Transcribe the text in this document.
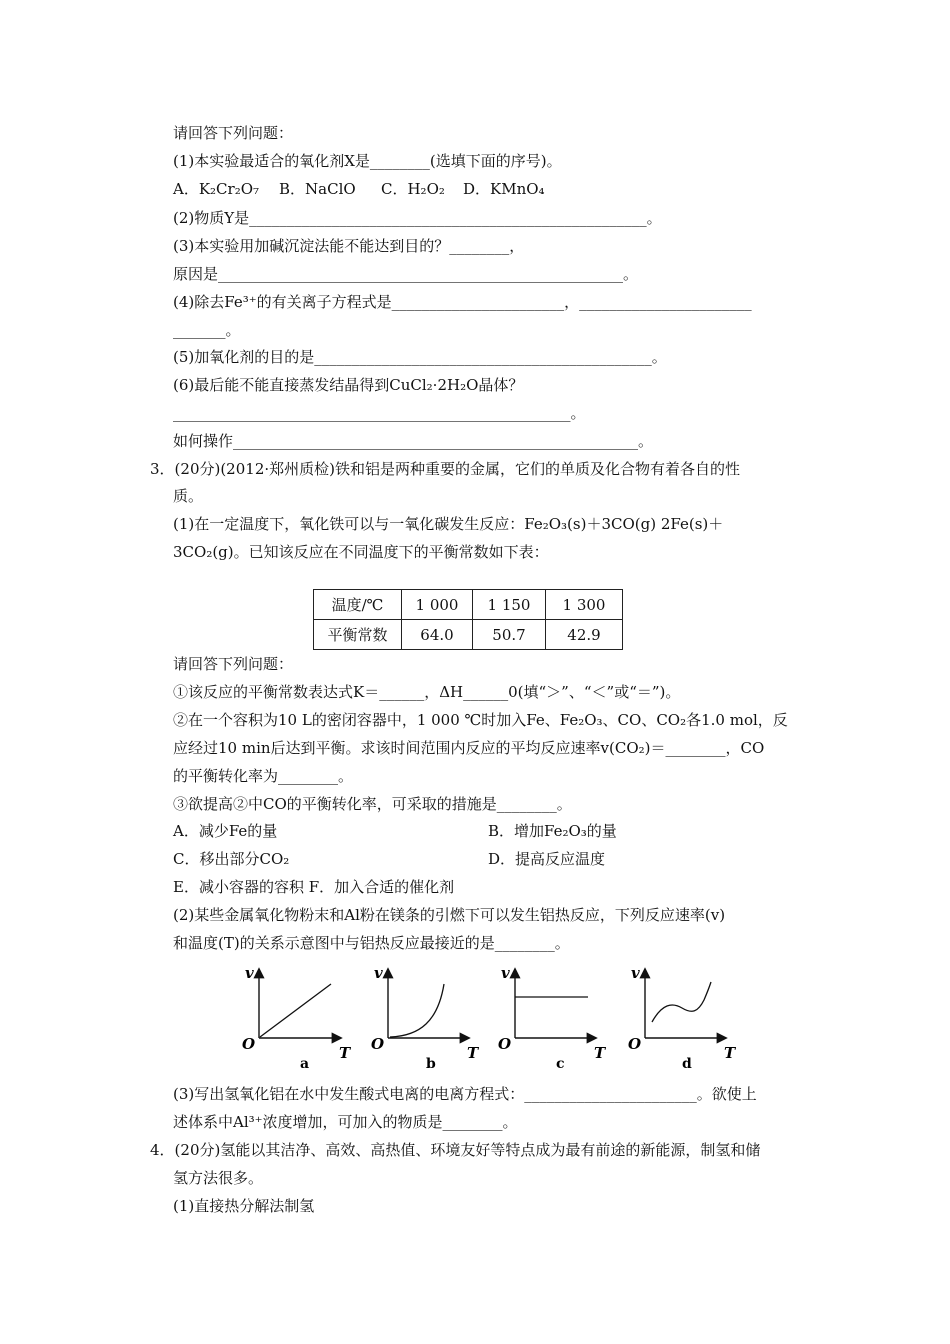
请回答下列问题：
(1)本实验最适合的氧化剂X是________(选填下面的序号)。
A．K₂Cr₂O₇ B．NaClO C．H₂O₂ D．KMnO₄
(2)物质Y是_____________________________________________________。
(3)本实验用加碱沉淀法能不能达到目的？________，
原因是______________________________________________________。
(4)除去Fe³⁺的有关离子方程式是_______________________，_______________________
_______。
(5)加氧化剂的目的是_____________________________________________。
(6)最后能不能直接蒸发结晶得到CuCl₂·2H₂O晶体？
_____________________________________________________。
如何操作______________________________________________________。
3．(20分)(2012·郑州质检)铁和铝是两种重要的金属，它们的单质及化合物有着各自的性
质。
(1)在一定温度下，氧化铁可以与一氧化碳发生反应：Fe₂O₃(s)＋3CO(g) 2Fe(s)＋
3CO₂(g)。已知该反应在不同温度下的平衡常数如下表：
温度/℃	1 000	1 150	1 300
平衡常数	64.0	50.7	42.9
请回答下列问题：
①该反应的平衡常数表达式K＝______，ΔH______0(填“＞”、“＜”或“＝”)。
②在一个容积为10 L的密闭容器中，1 000 ℃时加入Fe、Fe₂O₃、CO、CO₂各1.0 mol，反
应经过10 min后达到平衡。求该时间范围内反应的平均反应速率v(CO₂)＝________，CO
的平衡转化率为________。
③欲提高②中CO的平衡转化率，可采取的措施是________。
A．减少Fe的量	B．增加Fe₂O₃的量
C．移出部分CO₂	D．提高反应温度
E．减小容器的容积 F．加入合适的催化剂
(2)某些金属氧化物粉末和Al粉在镁条的引燃下可以发生铝热反应，下列反应速率(v)
和温度(T)的关系示意图中与铝热反应最接近的是________。
v
O	T
a
v
O	T
b
v
O	T
c
v
O	T
d
(3)写出氢氧化铝在水中发生酸式电离的电离方程式：_______________________。欲使上
述体系中Al³⁺浓度增加，可加入的物质是________。
4．(20分)氢能以其洁净、高效、高热值、环境友好等特点成为最有前途的新能源，制氢和储
氢方法很多。
(1)直接热分解法制氢
